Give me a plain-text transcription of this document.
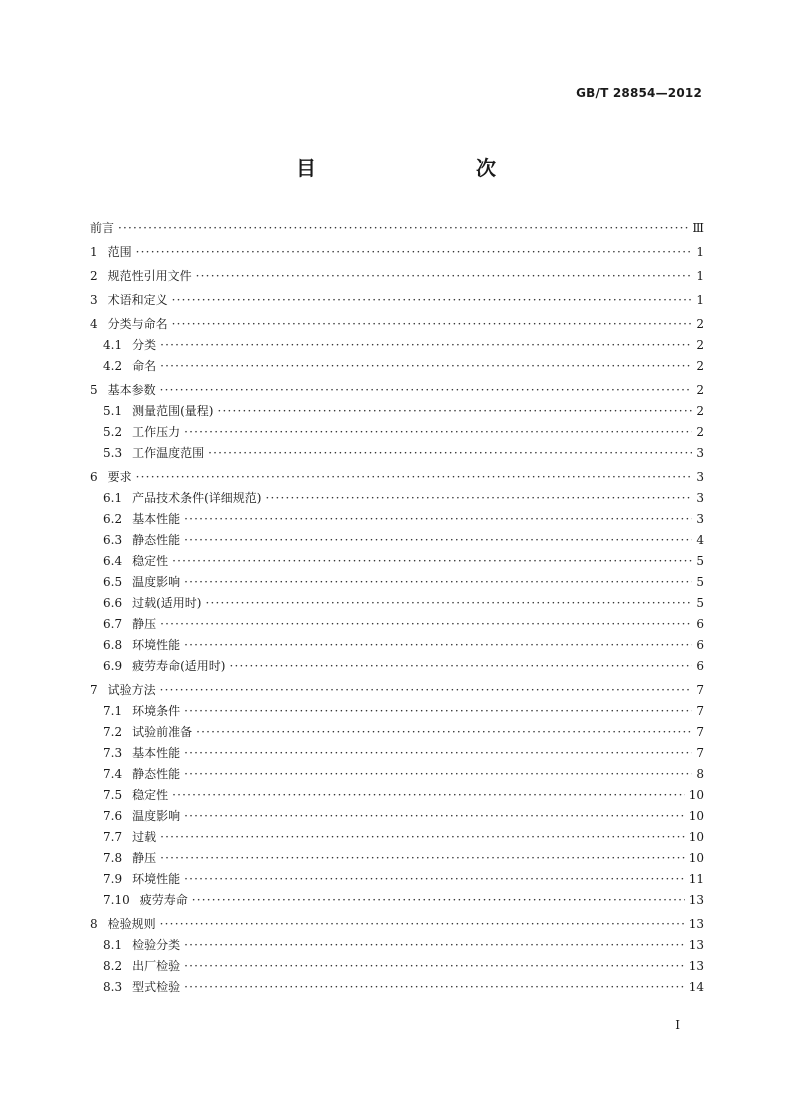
GB/T 28854—2012
目　　次
前言 ·····	Ⅲ
1 范围 ·····	1
2 规范性引用文件 ·····	1
3 术语和定义 ·····	1
4 分类与命名 ·····	2
4.1 分类 ·····	2
4.2 命名 ·····	2
5 基本参数 ·····	2
5.1 测量范围(量程) ·····	2
5.2 工作压力 ·····	2
5.3 工作温度范围 ·····	3
6 要求 ·····	3
6.1 产品技术条件(详细规范) ·····	3
6.2 基本性能 ·····	3
6.3 静态性能 ·····	4
6.4 稳定性 ·····	5
6.5 温度影响 ·····	5
6.6 过载(适用时) ·····	5
6.7 静压 ·····	6
6.8 环境性能 ·····	6
6.9 疲劳寿命(适用时) ·····	6
7 试验方法 ·····	7
7.1 环境条件 ·····	7
7.2 试验前准备 ·····	7
7.3 基本性能 ·····	7
7.4 静态性能 ·····	8
7.5 稳定性 ·····	10
7.6 温度影响 ·····	10
7.7 过载 ·····	10
7.8 静压 ·····	10
7.9 环境性能 ·····	11
7.10 疲劳寿命 ·····	13
8 检验规则 ·····	13
8.1 检验分类 ·····	13
8.2 出厂检验 ·····	13
8.3 型式检验 ·····	14
Ⅰ
